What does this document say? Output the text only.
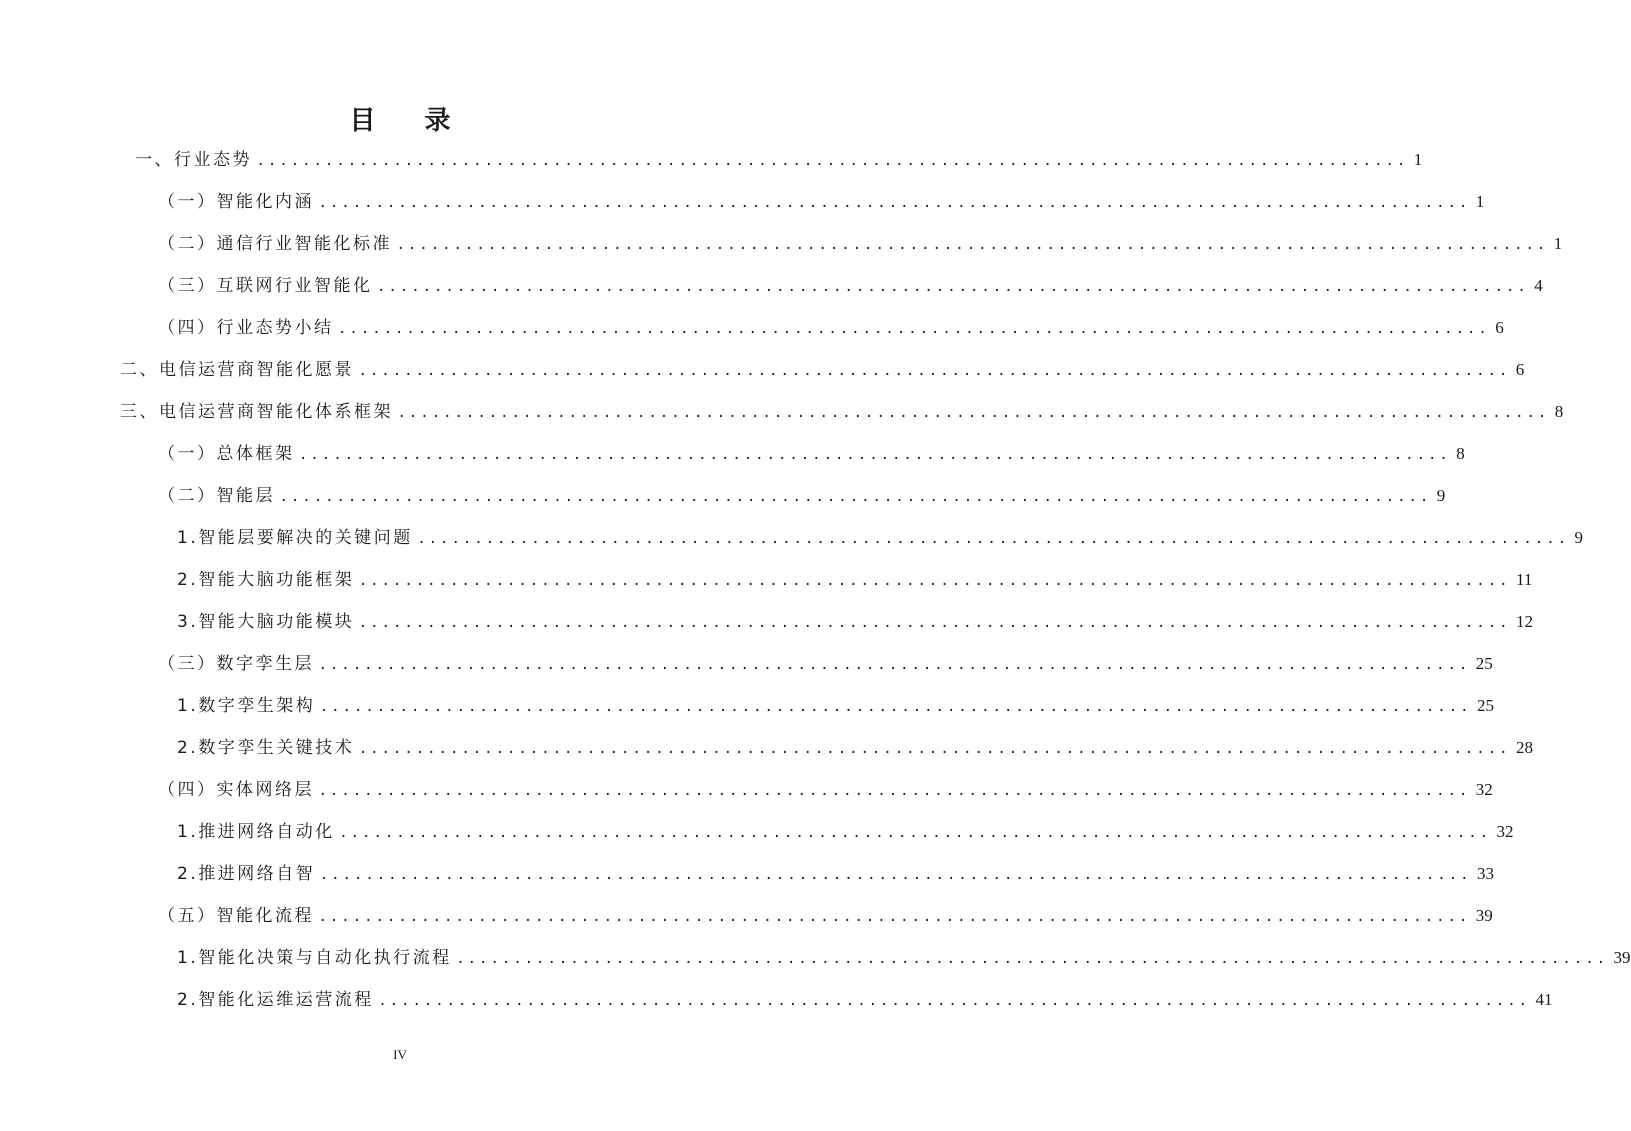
目 录
一、行业态势 ..................................................................................................... 1
（一）智能化内涵 ..................................................................................................... 1
（二）通信行业智能化标准 ..................................................................................................... 1
（三）互联网行业智能化 ..................................................................................................... 4
（四）行业态势小结 ..................................................................................................... 6
二、电信运营商智能化愿景 ..................................................................................................... 6
三、电信运营商智能化体系框架 ..................................................................................................... 8
（一）总体框架 ..................................................................................................... 8
（二）智能层 ..................................................................................................... 9
1.智能层要解决的关键问题 ..................................................................................................... 9
2.智能大脑功能框架 ..................................................................................................... 11
3.智能大脑功能模块 ..................................................................................................... 12
（三）数字孪生层 ..................................................................................................... 25
1.数字孪生架构 ..................................................................................................... 25
2.数字孪生关键技术 ..................................................................................................... 28
（四）实体网络层 ..................................................................................................... 32
1.推进网络自动化 ..................................................................................................... 32
2.推进网络自智 ..................................................................................................... 33
（五）智能化流程 ..................................................................................................... 39
1.智能化决策与自动化执行流程 ..................................................................................................... 39
2.智能化运维运营流程 ..................................................................................................... 41
IV
